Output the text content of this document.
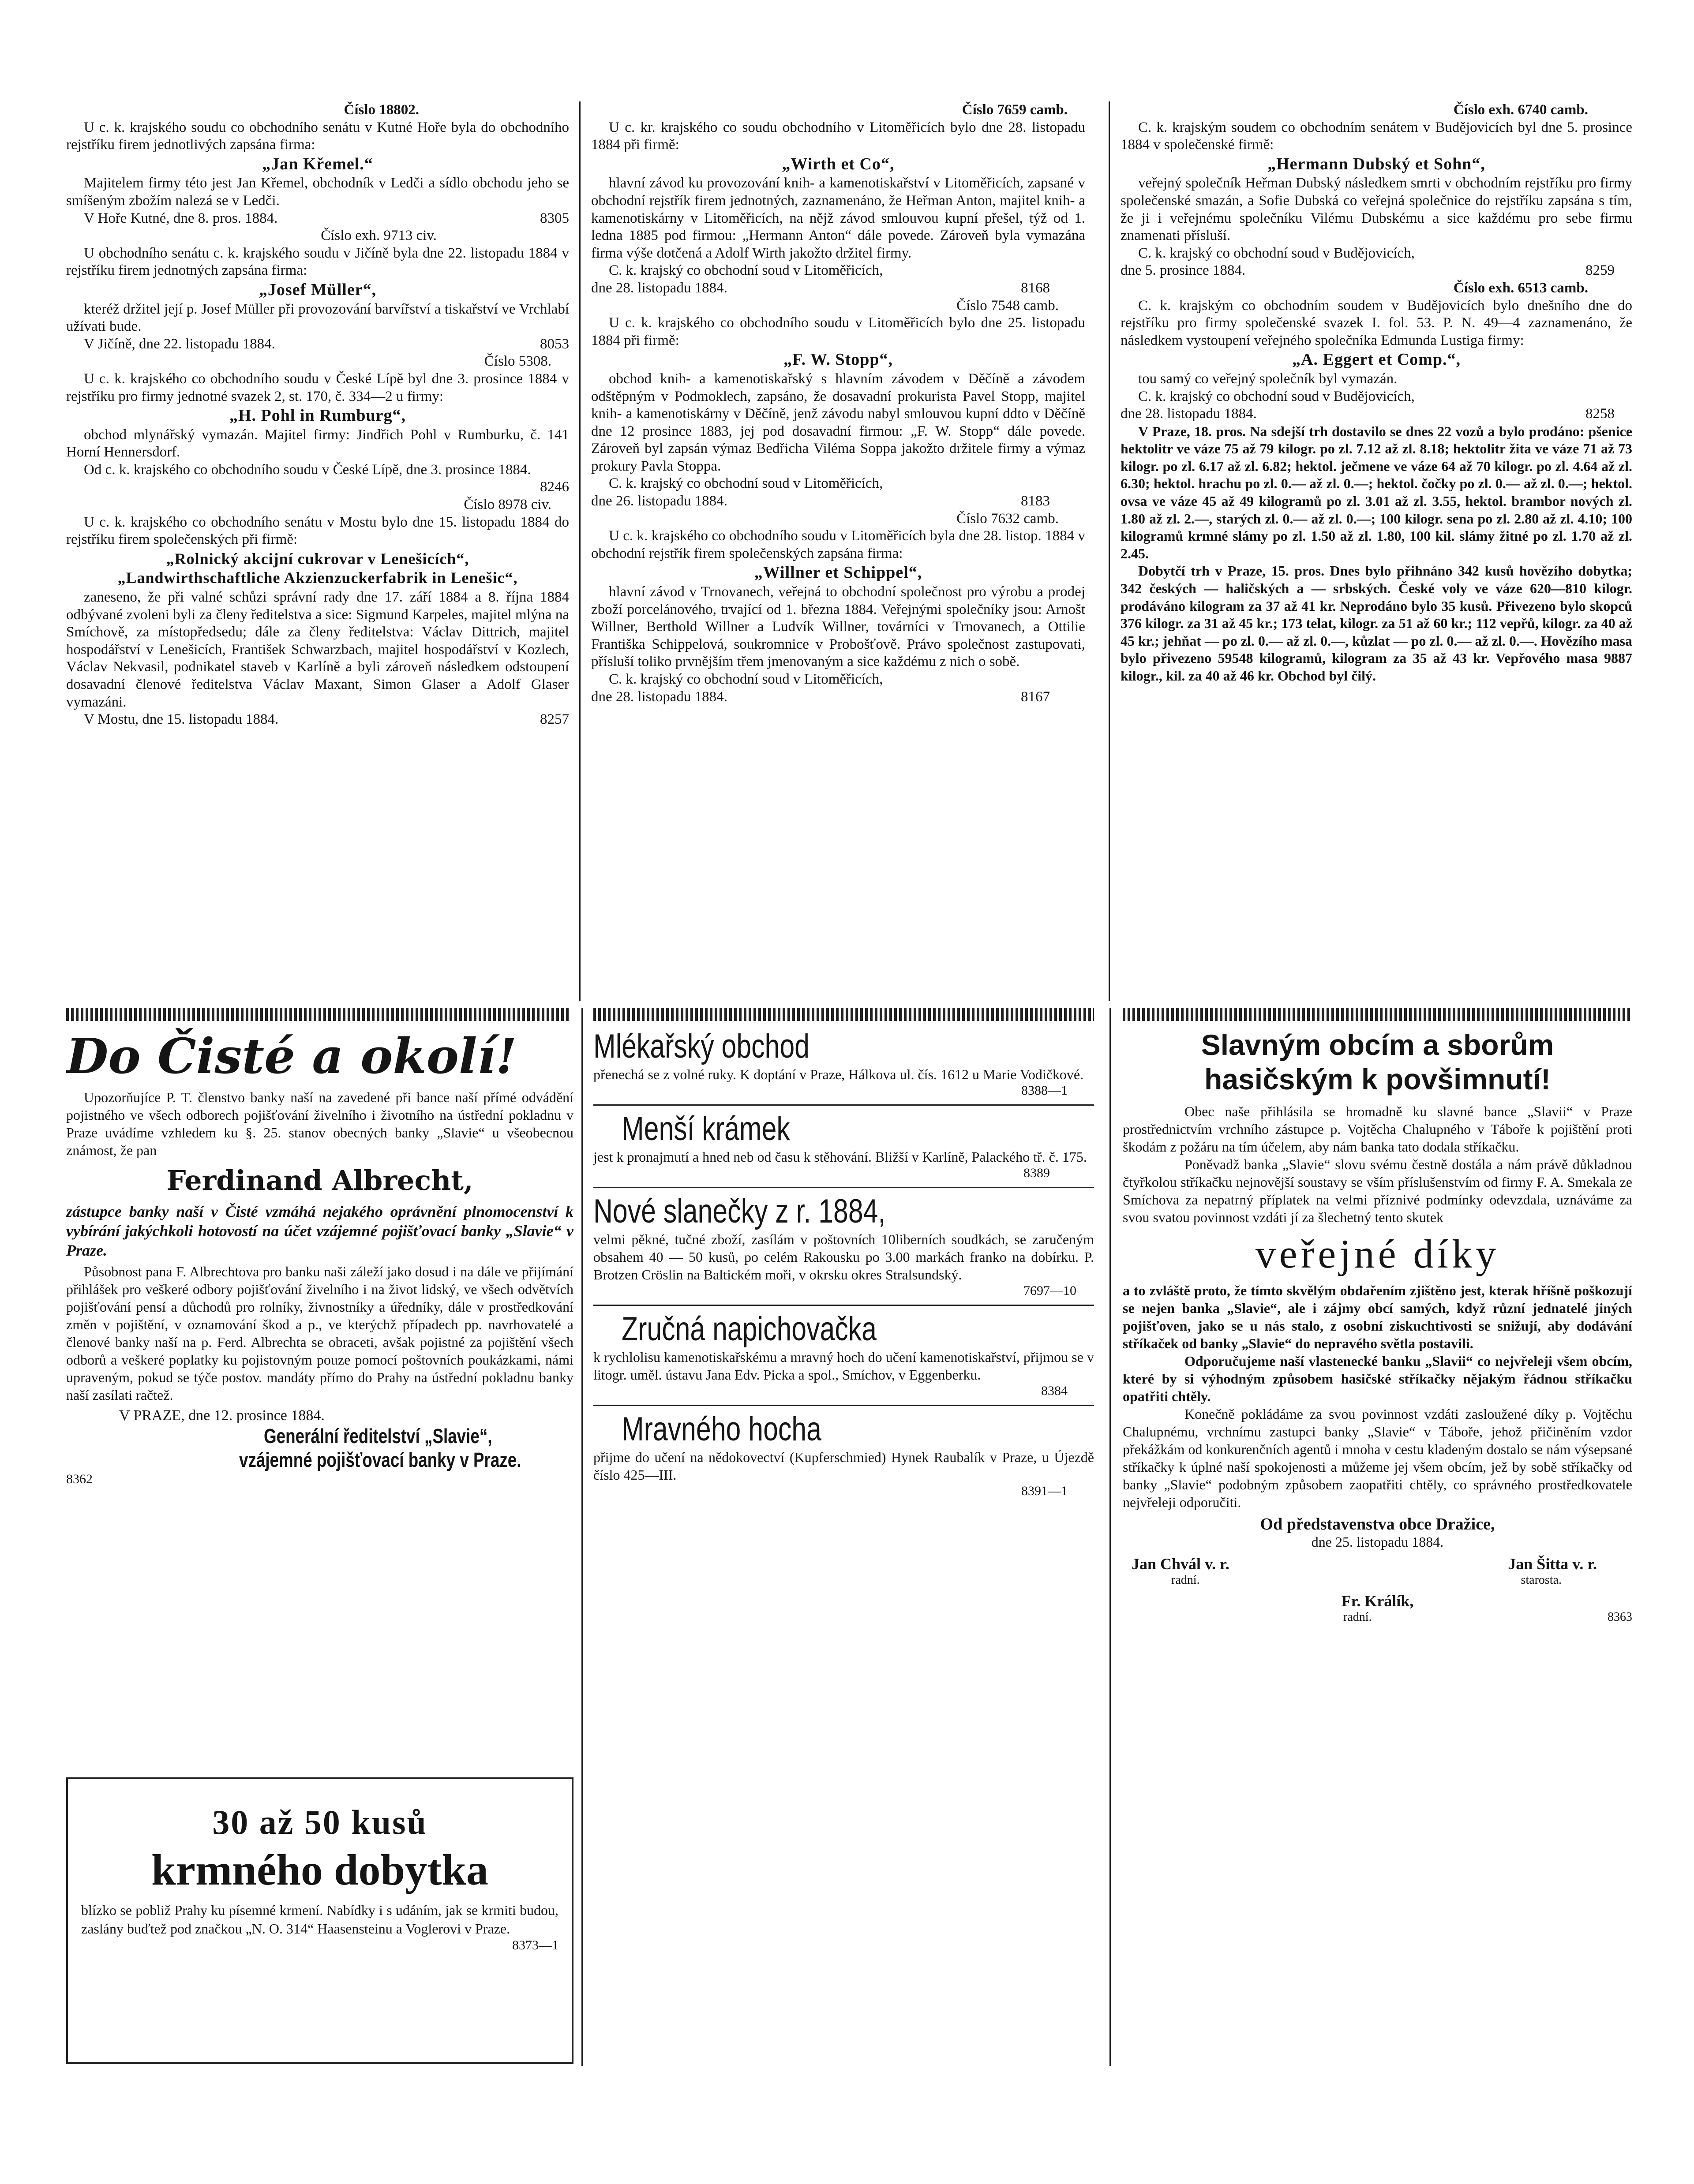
Číslo 18802.

U c. k. krajského soudu co obchodního senátu v Kutné Hoře byla do obchodního rejstříku firem jednotlivých zapsána firma:

„Jan Křemel.“

Majitelem firmy této jest Jan Křemel, obchodník v Ledči a sídlo obchodu jeho se smíšeným zbožím nalezá se v Ledči.

V Hoře Kutné, dne 8. pros. 1884.	8305

Číslo exh. 9713 civ.

U obchodního senátu c. k. krajského soudu v Jičíně byla dne 22. listopadu 1884 v rejstříku firem jednotných zapsána firma:

„Josef Müller“,

kteréž držitel její p. Josef Müller při provozování barvířství a tiskařství ve Vrchlabí užívati bude.

V Jičíně, dne 22. listopadu 1884.	8053

Číslo 5308.

U c. k. krajského co obchodního soudu v České Lípě byl dne 3. prosince 1884 v rejstříku pro firmy jednotné svazek 2, st. 170, č. 334—2 u firmy:

„H. Pohl in Rumburg“,

obchod mlynářský vymazán. Majitel firmy: Jindřich Pohl v Rumburku, č. 141 Horní Hennersdorf.

Od c. k. krajského co obchodního soudu v České Lípě, dne 3. prosince 1884.

8246

Číslo 8978 civ.

U c. k. krajského co obchodního senátu v Mostu bylo dne 15. listopadu 1884 do rejstříku firem společenských při firmě:

„Rolnický akcijní cukrovar v Lenešicích“,

„Landwirthschaftliche Akzienzuckerfabrik in Lenešic“,

zaneseno, že při valné schůzi správní rady dne 17. září 1884 a 8. října 1884 odbývané zvoleni byli za členy ředitelstva a sice: Sigmund Karpeles, majitel mlýna na Smíchově, za místopředsedu; dále za členy ředitelstva: Václav Dittrich, majitel hospodářství v Lenešicích, František Schwarzbach, majitel hospodářství v Kozlech, Václav Nekvasil, podnikatel staveb v Karlíně a byli zároveň následkem odstoupení dosavadní členové ředitelstva Václav Maxant, Simon Glaser a Adolf Glaser vymazáni.

V Mostu, dne 15. listopadu 1884.	8257

Číslo 7659 camb.

U c. kr. krajského co soudu obchodního v Litoměřicích bylo dne 28. listopadu 1884 při firmě:

„Wirth et Co“,

hlavní závod ku provozování knih- a kamenotiskařství v Litoměřicích, zapsané v obchodní rejstřík firem jednotných, zaznamenáno, že Heřman Anton, majitel knih- a kamenotiskárny v Litoměřicích, na nějž závod smlouvou kupní přešel, týž od 1. ledna 1885 pod firmou: „Hermann Anton“ dále povede. Zároveň byla vymazána firma výše dotčená a Adolf Wirth jakožto držitel firmy.

C. k. krajský co obchodní soud v Litoměřicích,

dne 28. listopadu 1884.	8168

Číslo 7548 camb.

U c. k. krajského co obchodního soudu v Litoměřicích bylo dne 25. listopadu 1884 při firmě:

„F. W. Stopp“,

obchod knih- a kamenotiskařský s hlavním závodem v Děčíně a závodem odštěpným v Podmoklech, zapsáno, že dosavadní prokurista Pavel Stopp, majitel knih- a kamenotiskárny v Děčíně, jenž závodu nabyl smlouvou kupní ddto v Děčíně dne 12 prosince 1883, jej pod dosavadní firmou: „F. W. Stopp“ dále povede. Zároveň byl zapsán výmaz Bedřicha Viléma Soppa jakožto držitele firmy a výmaz prokury Pavla Stoppa.

C. k. krajský co obchodní soud v Litoměřicích,

dne 26. listopadu 1884.	8183

Číslo 7632 camb.

U c. k. krajského co obchodního soudu v Litoměřicích byla dne 28. listop. 1884 v obchodní rejstřík firem společenských zapsána firma:

„Willner et Schippel“,

hlavní závod v Trnovanech, veřejná to obchodní společnost pro výrobu a prodej zboží porcelánového, trvající od 1. března 1884. Veřejnými společníky jsou: Arnošt Willner, Berthold Willner a Ludvík Willner, továrníci v Trnovanech, a Ottilie Františka Schippelová, soukromnice v Probošťově. Právo společnost zastupovati, přísluší toliko prvnějším třem jmenovaným a sice každému z nich o sobě.

C. k. krajský co obchodní soud v Litoměřicích,

dne 28. listopadu 1884.	8167

Číslo exh. 6740 camb.

C. k. krajským soudem co obchodním senátem v Budějovicích byl dne 5. prosince 1884 v společenské firmě:

„Hermann Dubský et Sohn“,

veřejný společník Heřman Dubský následkem smrti v obchodním rejstříku pro firmy společenské smazán, a Sofie Dubská co veřejná společnice do rejstříku zapsána s tím, že ji i veřejnému společníku Vilému Dubskému a sice každému pro sebe firmu znamenati přísluší.

C. k. krajský co obchodní soud v Budějovicích,

dne 5. prosince 1884.	8259

Číslo exh. 6513 camb.

C. k. krajským co obchodním soudem v Budějovicích bylo dnešního dne do rejstříku pro firmy společenské svazek I. fol. 53. P. N. 49—4 zaznamenáno, že následkem vystoupení veřejného společníka Edmunda Lustiga firmy:

„A. Eggert et Comp.“,

tou samý co veřejný společník byl vymazán.

C. k. krajský co obchodní soud v Budějovicích,

dne 28. listopadu 1884.	8258

V Praze, 18. pros. Na sdejší trh dostavilo se dnes 22 vozů a bylo prodáno: pšenice hektolitr ve váze 75 až 79 kilogr. po zl. 7.12 až zl. 8.18; hektolitr žita ve váze 71 až 73 kilogr. po zl. 6.17 až zl. 6.82; hektol. ječmene ve váze 64 až 70 kilogr. po zl. 4.64 až zl. 6.30; hektol. hrachu po zl. 0.— až zl. 0.—; hektol. čočky po zl. 0.— až zl. 0.—; hektol. ovsa ve váze 45 až 49 kilogramů po zl. 3.01 až zl. 3.55, hektol. brambor nových zl. 1.80 až zl. 2.—, starých zl. 0.— až zl. 0.—; 100 kilogr. sena po zl. 2.80 až zl. 4.10; 100 kilogramů krmné slámy po zl. 1.50 až zl. 1.80, 100 kil. slámy žitné po zl. 1.70 až zl. 2.45.

Dobytčí trh v Praze, 15. pros. Dnes bylo přihnáno 342 kusů hovězího dobytka; 342 českých — haličských a — srbských. České voly ve váze 620—810 kilogr. prodáváno kilogram za 37 až 41 kr. Neprodáno bylo 35 kusů. Přivezeno bylo skopců 376 kilogr. za 31 až 45 kr.; 173 telat, kilogr. za 51 až 60 kr.; 112 vepřů, kilogr. za 40 až 45 kr.; jehňat — po zl. 0.— až zl. 0.—, kůzlat — po zl. 0.— až zl. 0.—. Hovězího masa bylo přivezeno 59548 kilogramů, kilogram za 35 až 43 kr. Vepřového masa 9887 kilogr., kil. za 40 až 46 kr. Obchod byl čilý.

Do Čisté a okolí!

Upozorňujíce P. T. členstvo banky naší na zavedené při bance naší přímé odvádění pojistného ve všech odborech pojišťování živelního i životního na ústřední pokladnu v Praze uvádíme vzhledem ku §. 25. stanov obecných banky „Slavie“ u všeobecnou známost, že pan

Ferdinand Albrecht,

zástupce banky naší v Čisté vzmáhá nejakého oprávnění plnomocenství k vybírání jakýchkoli hotovostí na účet vzájemné pojišťovací banky „Slavie“ v Praze.

Působnost pana F. Albrechtova pro banku naši záleží jako dosud i na dále ve přijímání přihlášek pro veškeré odbory pojišťování živelního i na život lidský, ve všech odvětvích pojišťování pensí a důchodů pro rolníky, živnostníky a úředníky, dále v prostředkování změn v pojištění, v oznamování škod a p., ve kterýchž případech pp. navrhovatelé a členové banky naší na p. Ferd. Albrechta se obraceti, avšak pojistné za pojištění všech odborů a veškeré poplatky ku pojistovným pouze pomocí poštovních poukázkami, námi upraveným, pokud se týče postov. mandáty přímo do Prahy na ústřední pokladnu banky naší zasílati račtež.

V PRAZE, dne 12. prosince 1884.

Generální ředitelství „Slavie“,

vzájemné pojišťovací banky v Praze.

8362

30 až 50 kusů

krmného dobytka

blízko se pobliž Prahy ku písemné krmení. Nabídky i s udáním, jak se krmiti budou, zaslány buďtež pod značkou „N. O. 314“ Haasensteinu a Voglerovi v Praze.

8373—1

Mlékařský obchod

přenechá se z volné ruky. K doptání v Praze, Hálkova ul. čís. 1612 u Marie Vodičkové.

8388—1

Menší krámek

jest k pronajmutí a hned neb od času k stěhování. Bližší v Karlíně, Palackého tř. č. 175.

8389

Nové slanečky z r. 1884,

velmi pěkné, tučné zboží, zasílám v poštovních 10liberních soudkách, se zaručeným obsahem 40 — 50 kusů, po celém Rakousku po 3.00 markách franko na dobírku. P. Brotzen Cröslin na Baltickém moři, v okrsku okres Stralsundský.

7697—10

Zručná napichovačka

k rychlolisu kamenotiskařskému a mravný hoch do učení kamenotiskařství, přijmou se v litogr. uměl. ústavu Jana Edv. Picka a spol., Smíchov, v Eggenberku.

8384

Mravného hocha

přijme do učení na nědokovectví (Kupferschmied) Hynek Raubalík v Praze, u Újezdě číslo 425—III.

8391—1

Slavným obcím a sborům hasičským k povšimnutí!

Obec naše přihlásila se hromadně ku slavné bance „Slavii“ v Praze prostřednictvím vrchního zástupce p. Vojtěcha Chalupného v Táboře k pojištění proti škodám z požáru na tím účelem, aby nám banka tato dodala stříkačku.

Poněvadž banka „Slavie“ slovu svému čestně dostála a nám právě důkladnou čtyřkolou stříkačku nejnovější soustavy se vším příslušenstvím od firmy F. A. Smekala ze Smíchova za nepatrný příplatek na velmi příznivé podmínky odevzdala, uznáváme za svou svatou povinnost vzdáti jí za šlechetný tento skutek

veřejné díky

a to zvláště proto, že tímto skvělým obdařením zjištěno jest, kterak hříšně poškozují se nejen banka „Slavie“, ale i zájmy obcí samých, když různí jednatelé jiných pojišťoven, jako se u nás stalo, z osobní ziskuchtivosti se snižují, aby dodávání stříkaček od banky „Slavie“ do nepravého světla postavili.

Odporučujeme naší vlastenecké banku „Slavii“ co nejvřeleji všem obcím, které by si výhodným způsobem hasičské stříkačky nějakým řádnou stříkačku opatřiti chtěly.

Konečně pokládáme za svou povinnost vzdáti zasloužené díky p. Vojtěchu Chalupnému, vrchnímu zastupci banky „Slavie“ v Táboře, jehož přičiněním vzdor překážkám od konkurenčních agentů i mnoha v cestu kladeným dostalo se nám výsepsané stříkačky k úplné naší spokojenosti a můžeme jej všem obcím, jež by sobě stříkačky od banky „Slavie“ podobným způsobem zaopatřiti chtěly, co správného prostředkovatele nejvřeleji odporučiti.

Od představenstva obce Dražice,

dne 25. listopadu 1884.

Jan Chvál v. r.	Jan Šitta v. r.
radní.	starosta.

Fr. Králík,

radní.	8363
